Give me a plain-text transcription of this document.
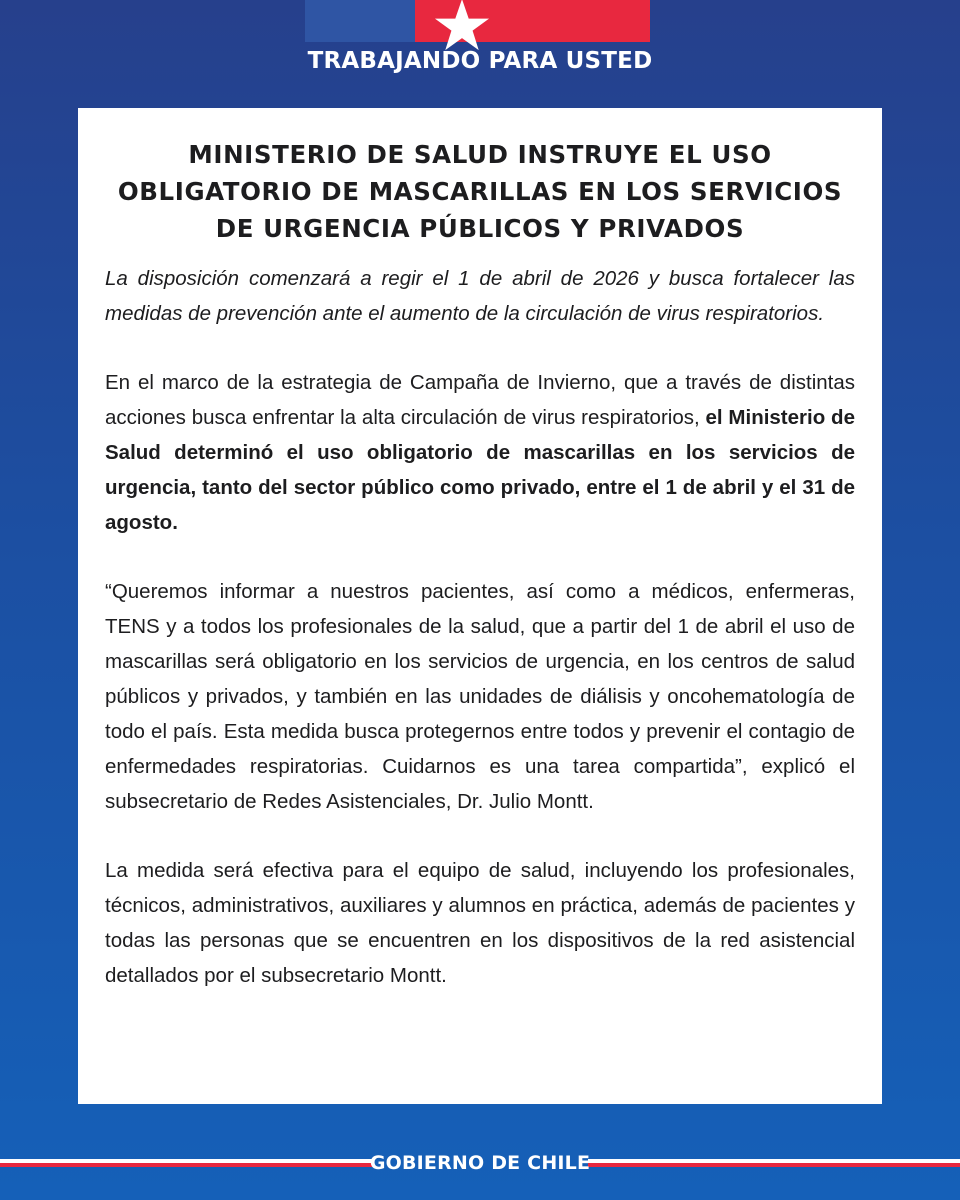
TRABAJANDO PARA USTED
MINISTERIO DE SALUD INSTRUYE EL USO OBLIGATORIO DE MASCARILLAS EN LOS SERVICIOS DE URGENCIA PÚBLICOS Y PRIVADOS

La disposición comenzará a regir el 1 de abril de 2026 y busca fortalecer las medidas de prevención ante el aumento de la circulación de virus respiratorios.

En el marco de la estrategia de Campaña de Invierno, que a través de distintas acciones busca enfrentar la alta circulación de virus respiratorios, el Ministerio de Salud determinó el uso obligatorio de mascarillas en los servicios de urgencia, tanto del sector público como privado, entre el 1 de abril y el 31 de agosto.

“Queremos informar a nuestros pacientes, así como a médicos, enfermeras, TENS y a todos los profesionales de la salud, que a partir del 1 de abril el uso de mascarillas será obligatorio en los servicios de urgencia, en los centros de salud públicos y privados, y también en las unidades de diálisis y oncohematología de todo el país. Esta medida busca protegernos entre todos y prevenir el contagio de enfermedades respiratorias. Cuidarnos es una tarea compartida”, explicó el subsecretario de Redes Asistenciales, Dr. Julio Montt.

La medida será efectiva para el equipo de salud, incluyendo los profesionales, técnicos, administrativos, auxiliares y alumnos en práctica, además de pacientes y todas las personas que se encuentren en los dispositivos de la red asistencial detallados por el subsecretario Montt.

GOBIERNO DE CHILE
